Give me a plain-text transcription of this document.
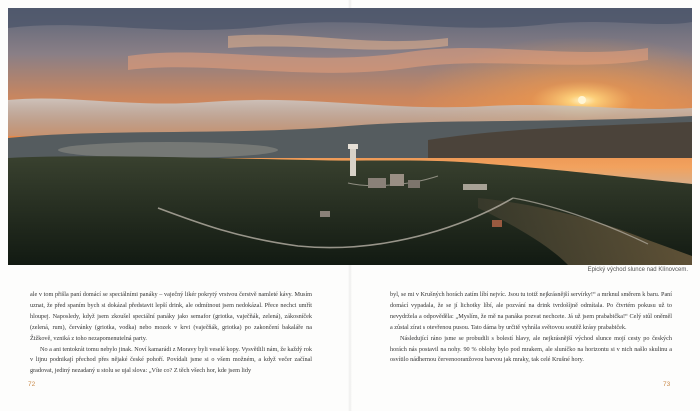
Epický východ slunce nad Klínovcem.

ale v tom přišla paní domácí se speciálními panáky – vaječný likér pokrytý vrstvou čerstvě namleté kávy. Musím uznat, že před spaním bych si dokázal představit lepší drink, ale odmítnout jsem nedokázal. Přece nechci umřít hloupej. Naposledy, když jsem zkoušel speciální panáky jako semafor (griotka, vaječňák, zelená), zákosníček (zelená, rum), červánky (griotka, vodka) nebo mozek v krvi (vaječňák, griotka) po zakončení bakaláře na Žižkově, vzniká z toho nezapomenutelná party.

No a ani tentokrát tomu nebylo jinak. Noví kamarádi z Moravy byli veselé kopy. Vysvětlili nám, že každý rok v lijnu podnikají přechod přes nějaké české pohoří. Povídali jsme si o všem možném, a když večer začínal gradovat, jediný nezadaný u stolu se ujal slova: „Víte co? Z těch všech hor, kde jsem lidy

byl, se mi v Krušných horách zatím líbí nejvíc. Jsou tu totiž nejkrásnější servírky!“ a mrknul směrem k baru. Paní domácí vypadala, že se jí lichotky líbí, ale pozvání na drink tvrdošíjně odmítala. Po čtvrtém pokusu už to nevydržela a odpověděla: „Myslím, že mě na panáka pozvat nechcete. Já už jsem prababička!“ Celý stůl oněměl a zůstal zírat s otevřenou pusou. Tato dáma by určitě vyhrála světovou soutěž krásy prababiček.

Následující ráno jsme se probudili s bolestí hlavy, ale nejkrásnější východ slunce mojí cesty po českých horách nás postavil na nohy. 90 % oblohy bylo pod mrakem, ale sluníčko na horizontu si v nich našlo skulinu a osvítilo nádhernou červenooranžovou barvou jak mraky, tak celé Krušné hory.

72	73
